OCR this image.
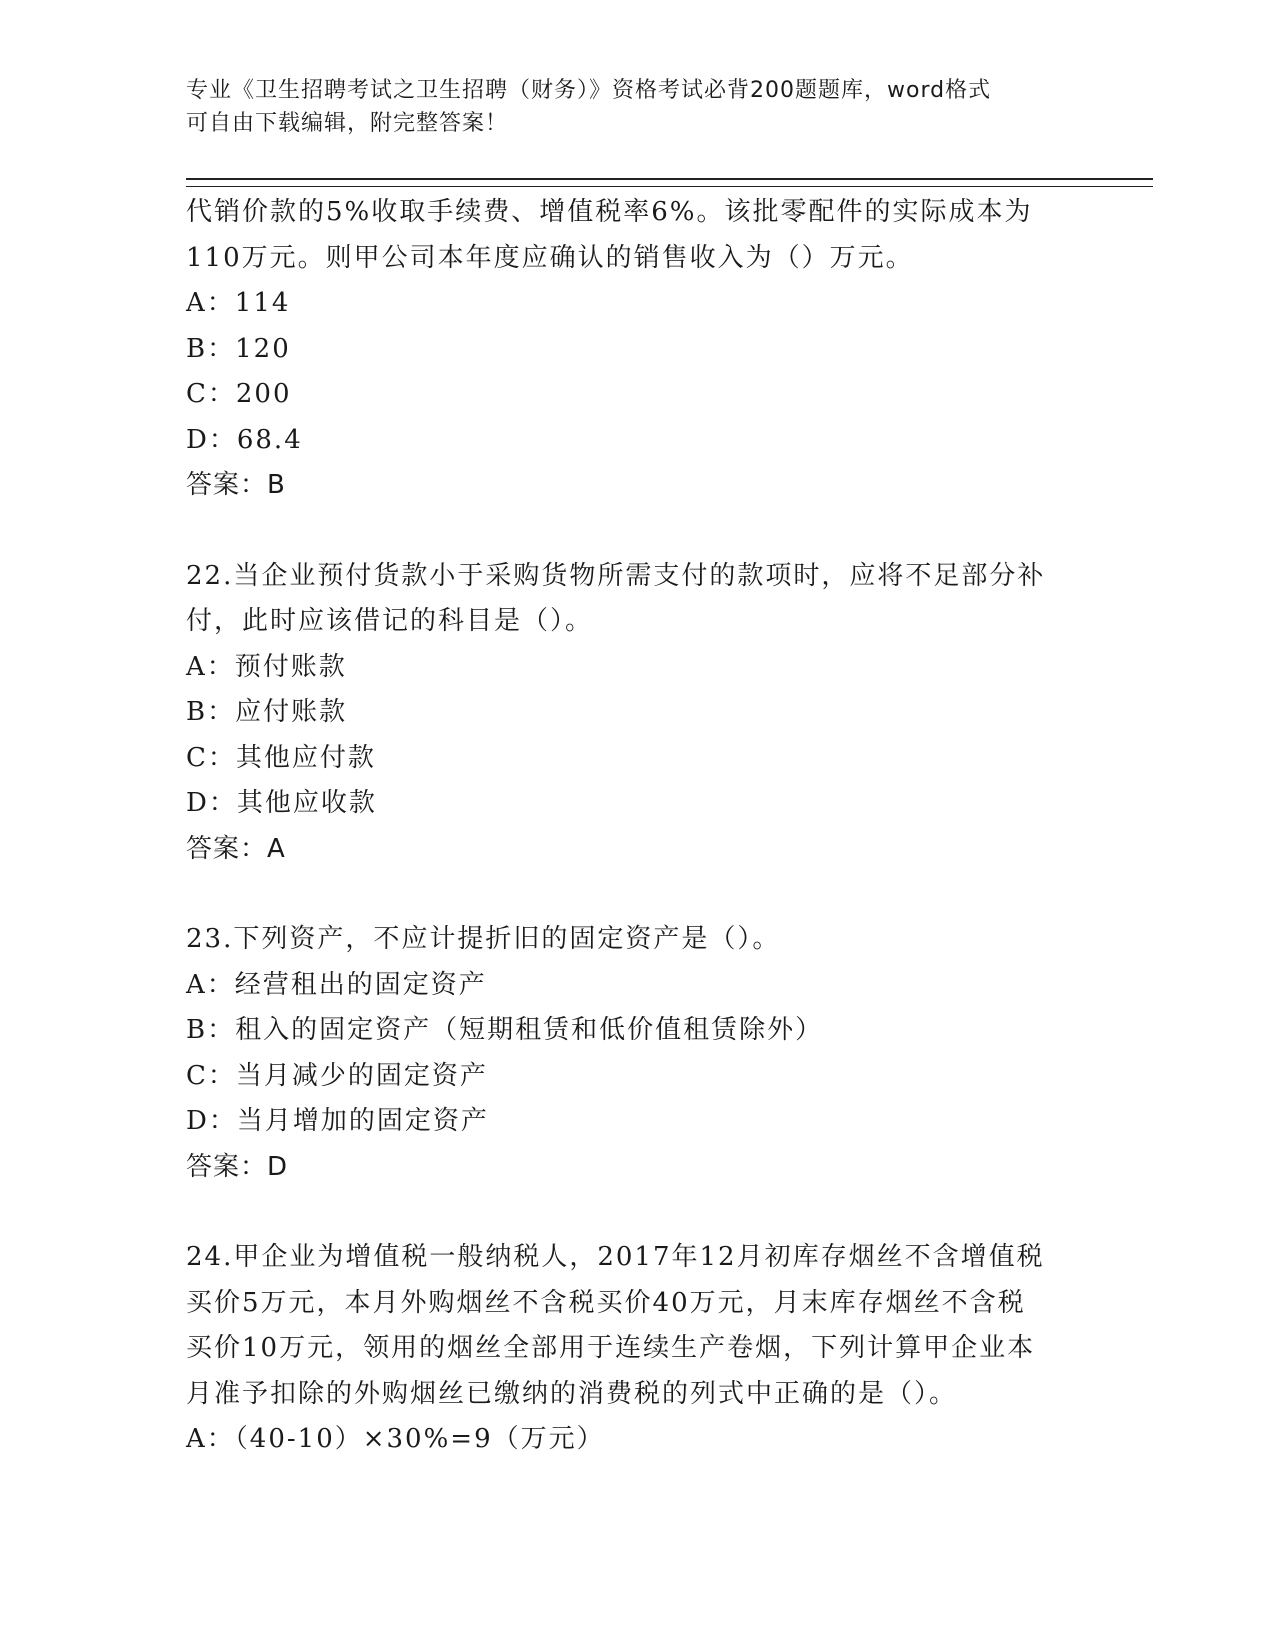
专业《卫生招聘考试之卫生招聘（财务）》资格考试必背200题题库，word格式
可自由下载编辑，附完整答案！
代销价款的5%收取手续费、增值税率6%。该批零配件的实际成本为
110万元。则甲公司本年度应确认的销售收入为（）万元。
A：114
B：120
C：200
D：68.4
答案：B
22.当企业预付货款小于采购货物所需支付的款项时，应将不足部分补
付，此时应该借记的科目是（）。
A：预付账款
B：应付账款
C：其他应付款
D：其他应收款
答案：A
23.下列资产，不应计提折旧的固定资产是（）。
A：经营租出的固定资产
B：租入的固定资产（短期租赁和低价值租赁除外）
C：当月减少的固定资产
D：当月增加的固定资产
答案：D
24.甲企业为增值税一般纳税人，2017年12月初库存烟丝不含增值税
买价5万元，本月外购烟丝不含税买价40万元，月末库存烟丝不含税
买价10万元，领用的烟丝全部用于连续生产卷烟，下列计算甲企业本
月准予扣除的外购烟丝已缴纳的消费税的列式中正确的是（）。
A：（40-10）×30%=9（万元）
